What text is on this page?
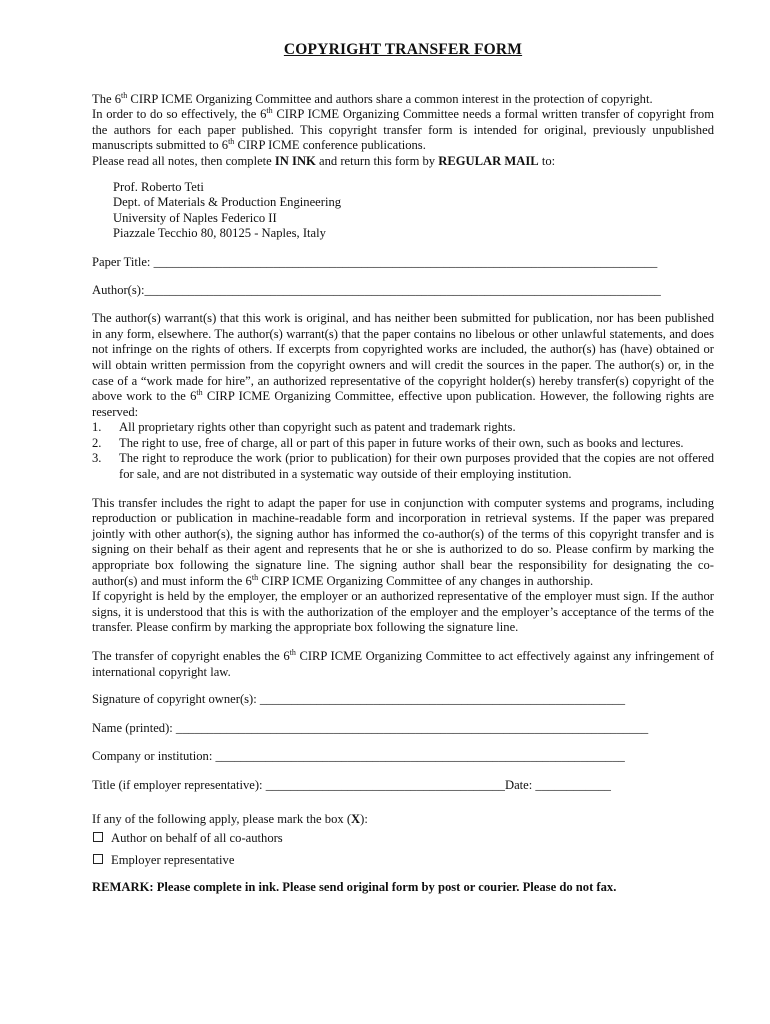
COPYRIGHT TRANSFER FORM

The 6th CIRP ICME Organizing Committee and authors share a common interest in the protection of copyright.

In order to do so effectively, the 6th CIRP ICME Organizing Committee needs a formal written transfer of copyright from the authors for each paper published. This copyright transfer form is intended for original, previously unpublished manuscripts submitted to 6th CIRP ICME conference publications.

Please read all notes, then complete IN INK and return this form by REGULAR MAIL to:

Prof. Roberto Teti
Dept. of Materials & Production Engineering
University of Naples Federico II
Piazzale Tecchio 80, 80125 - Naples, Italy
Paper Title: ________________________________________________________________________________
Author(s):__________________________________________________________________________________

The author(s) warrant(s) that this work is original, and has neither been submitted for publication, nor has been published in any form, elsewhere. The author(s) warrant(s) that the paper contains no libelous or other unlawful statements, and does not infringe on the rights of others. If excerpts from copyrighted works are included, the author(s) has (have) obtained or will obtain written permission from the copyright owners and will credit the sources in the paper. The author(s) or, in the case of a “work made for hire”, an authorized representative of the copyright holder(s) hereby transfer(s) copyright of the above work to the 6th CIRP ICME Organizing Committee, effective upon publication. However, the following rights are reserved:

1.	All proprietary rights other than copyright such as patent and trademark rights.
2.	The right to use, free of charge, all or part of this paper in future works of their own, such as books and lectures.
3.	The right to reproduce the work (prior to publication) for their own purposes provided that the copies are not offered for sale, and are not distributed in a systematic way outside of their employing institution.

This transfer includes the right to adapt the paper for use in conjunction with computer systems and programs, including reproduction or publication in machine-readable form and incorporation in retrieval systems. If the paper was prepared jointly with other author(s), the signing author has informed the co-author(s) of the terms of this copyright transfer and is signing on their behalf as their agent and represents that he or she is authorized to do so. Please confirm by marking the appropriate box following the signature line. The signing author shall bear the responsibility for designating the co-author(s) and must inform the 6th CIRP ICME Organizing Committee of any changes in authorship.

If copyright is held by the employer, the employer or an authorized representative of the employer must sign. If the author signs, it is understood that this is with the authorization of the employer and the employer’s acceptance of the terms of the transfer. Please confirm by marking the appropriate box following the signature line.

The transfer of copyright enables the 6th CIRP ICME Organizing Committee to act effectively against any infringement of international copyright law.

Signature of copyright owner(s): __________________________________________________________
Name (printed): ___________________________________________________________________________
Company or institution: _________________________________________________________________
Title (if employer representative): ______________________________________Date: ____________

If any of the following apply, please mark the box (X):

Author on behalf of all co-authors
Employer representative

REMARK: Please complete in ink. Please send original form by post or courier. Please do not fax.
